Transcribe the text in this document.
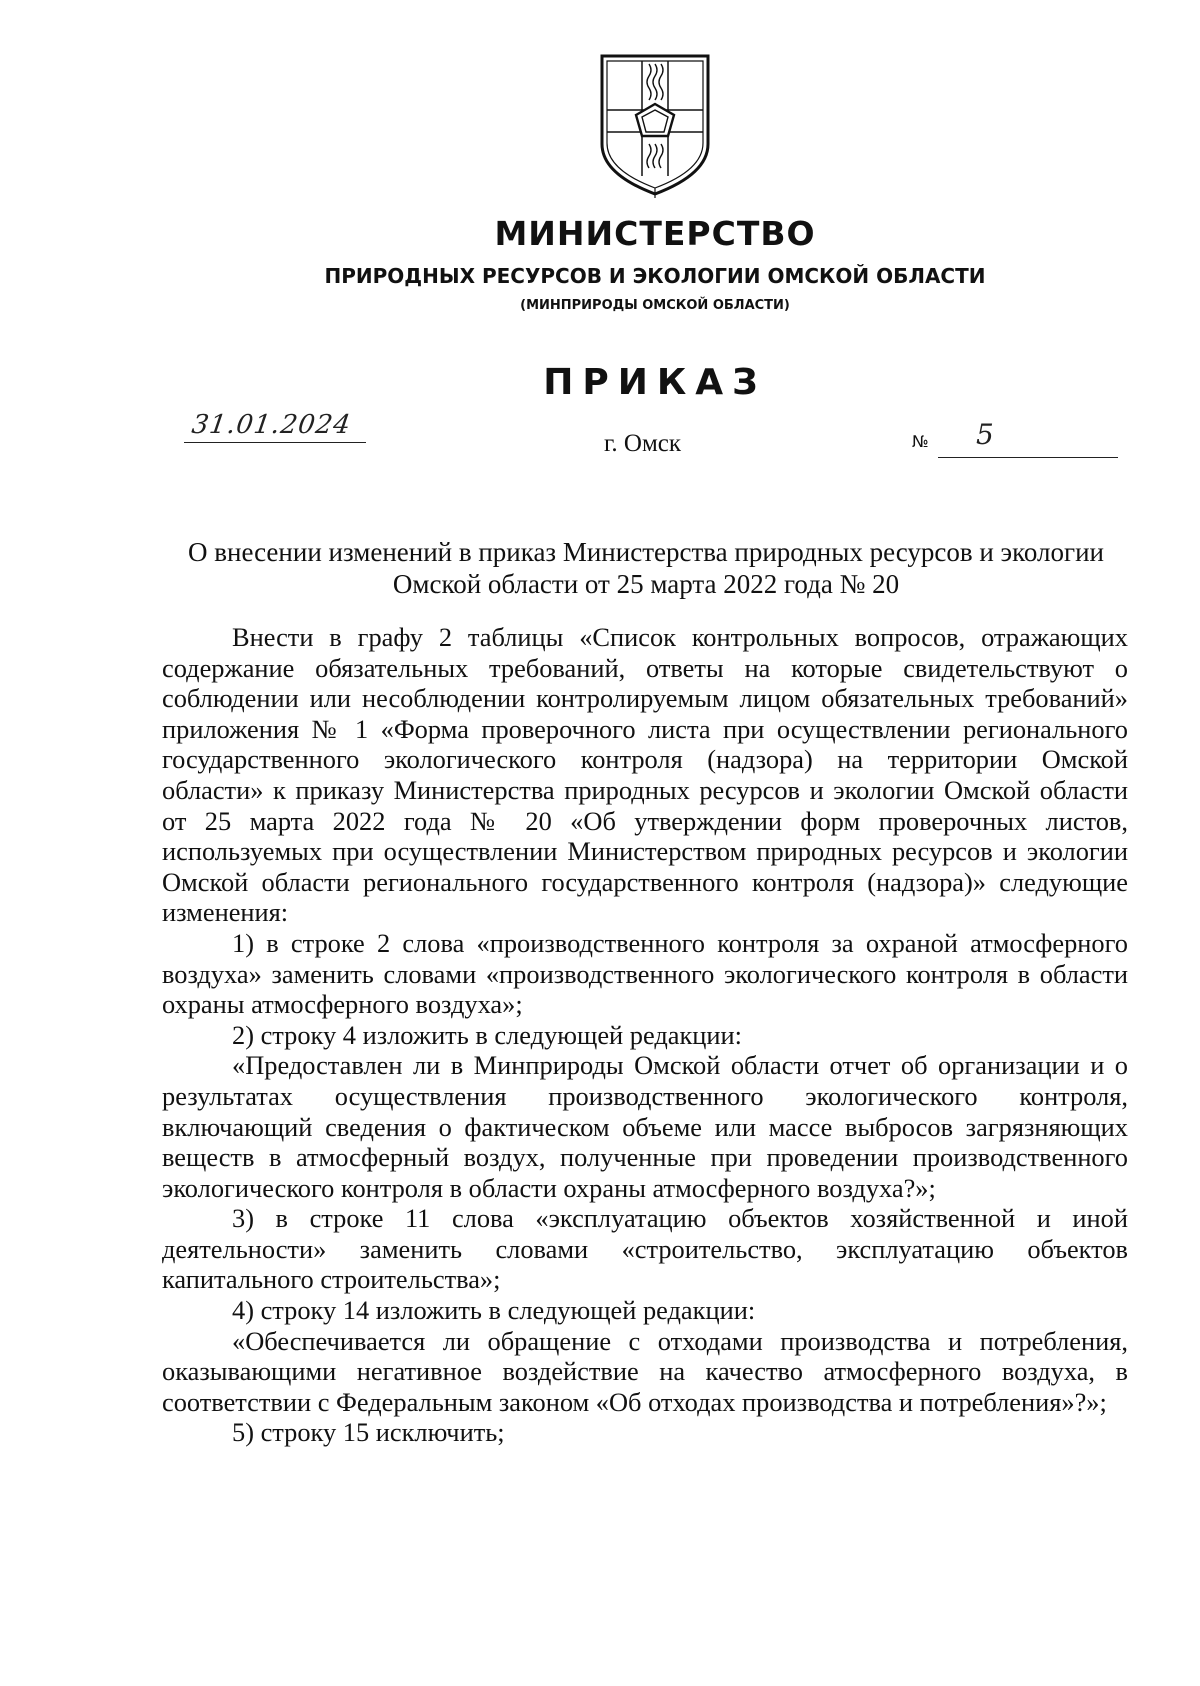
МИНИСТЕРСТВО
ПРИРОДНЫХ РЕСУРСОВ И ЭКОЛОГИИ ОМСКОЙ ОБЛАСТИ
(МИНПРИРОДЫ ОМСКОЙ ОБЛАСТИ)
ПРИКАЗ
31.01.2024
г. Омск	№ 5
О внесении изменений в приказ Министерства природных ресурсов и экологии Омской области от 25 марта 2022 года № 20

Внести в графу 2 таблицы «Список контрольных вопросов, отражающих содержание обязательных требований, ответы на которые свидетельствуют о соблюдении или несоблюдении контролируемым лицом обязательных требований» приложения № 1 «Форма проверочного листа при осуществлении регионального государственного экологического контроля (надзора) на территории Омской области» к приказу Министерства природных ресурсов и экологии Омской области от 25 марта 2022 года № 20 «Об утверждении форм проверочных листов, используемых при осуществлении Министерством природных ресурсов и экологии Омской области регионального государственного контроля (надзора)» следующие изменения:

1) в строке 2 слова «производственного контроля за охраной атмосферного воздуха» заменить словами «производственного экологического контроля в области охраны атмосферного воздуха»;

2) строку 4 изложить в следующей редакции:

«Предоставлен ли в Минприроды Омской области отчет об организации и о результатах осуществления производственного экологического контроля, включающий сведения о фактическом объеме или массе выбросов загрязняющих веществ в атмосферный воздух, полученные при проведении производственного экологического контроля в области охраны атмосферного воздуха?»;

3) в строке 11 слова «эксплуатацию объектов хозяйственной и иной деятельности» заменить словами «строительство, эксплуатацию объектов капитального строительства»;

4) строку 14 изложить в следующей редакции:

«Обеспечивается ли обращение с отходами производства и потребления, оказывающими негативное воздействие на качество атмосферного воздуха, в соответствии с Федеральным законом «Об отходах производства и потребления»?»;

5) строку 15 исключить;
